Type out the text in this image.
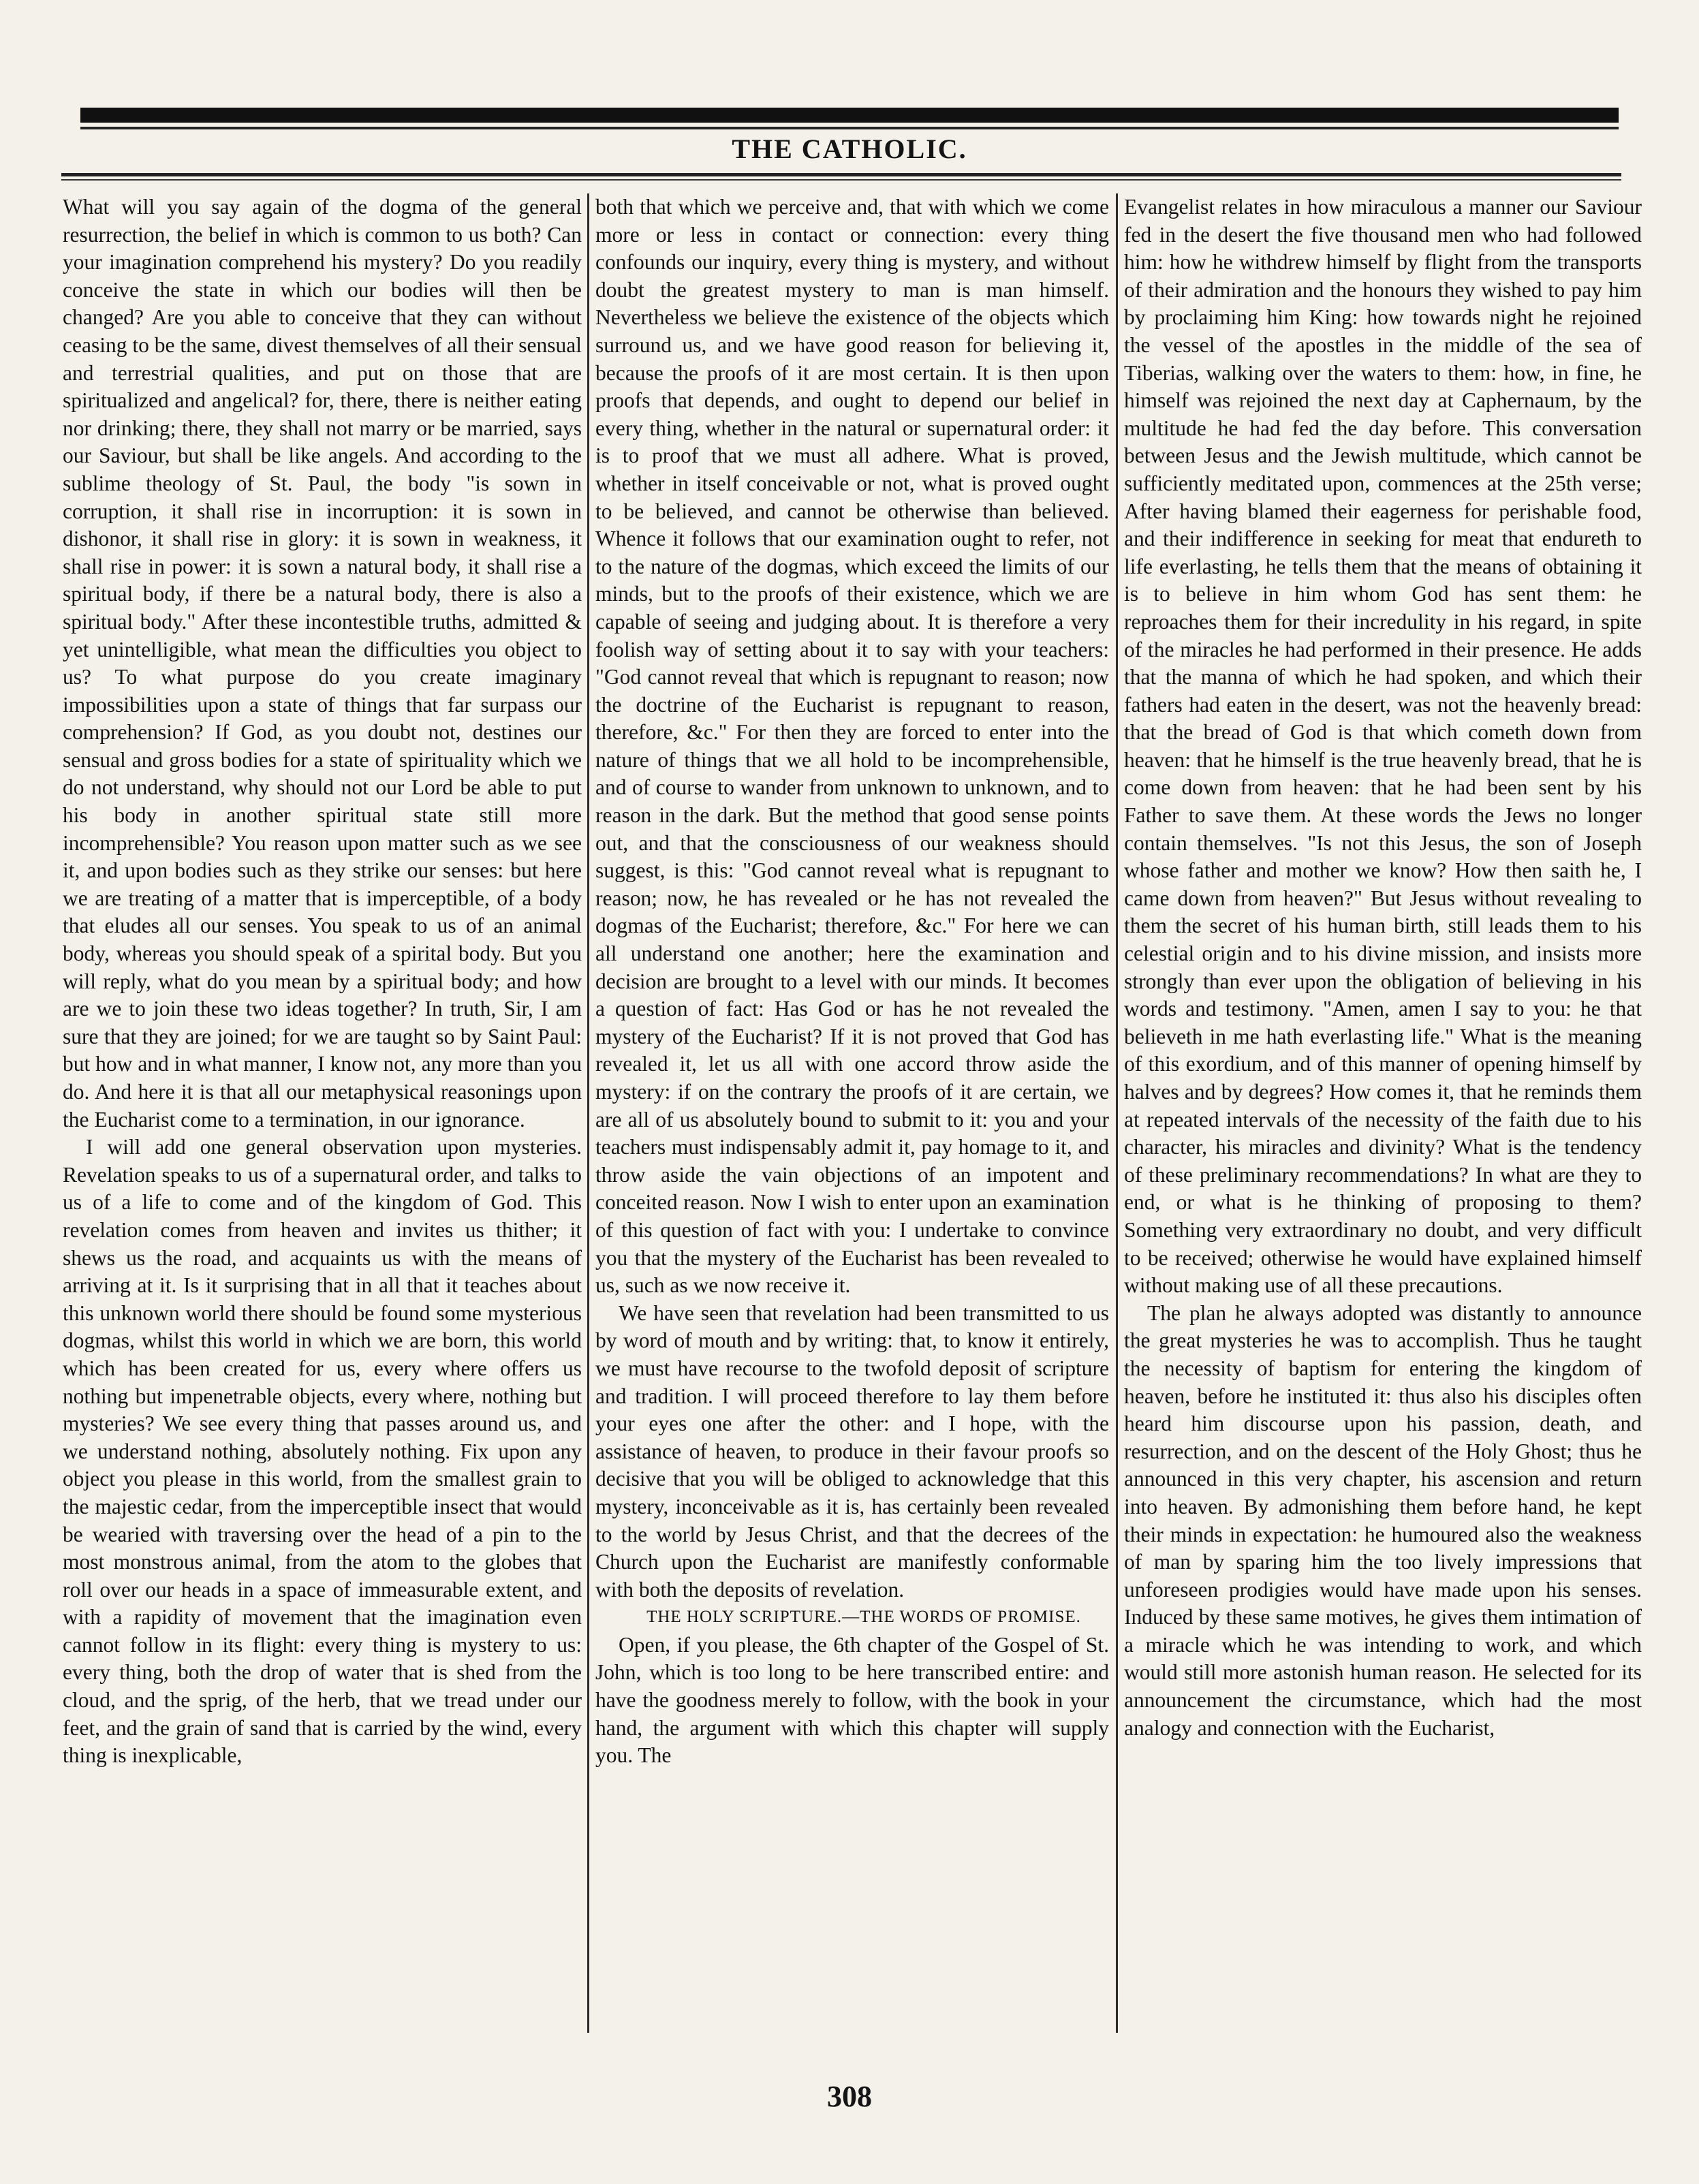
THE CATHOLIC.

What will you say again of the dogma of the general resurrection, the belief in which is common to us both? Can your imagination comprehend his mystery? Do you readily conceive the state in which our bodies will then be changed? Are you able to conceive that they can without ceasing to be the same, divest themselves of all their sensual and terrestrial qualities, and put on those that are spiritualized and angelical? for, there, there is neither eating nor drinking; there, they shall not marry or be married, says our Saviour, but shall be like angels. And according to the sublime theology of St. Paul, the body "is sown in corruption, it shall rise in incorruption: it is sown in dishonor, it shall rise in glory: it is sown in weakness, it shall rise in power: it is sown a natural body, it shall rise a spiritual body, if there be a natural body, there is also a spiritual body." After these incontestible truths, admitted & yet unintelligible, what mean the difficulties you object to us? To what purpose do you create imaginary impossibilities upon a state of things that far surpass our comprehension? If God, as you doubt not, destines our sensual and gross bodies for a state of spirituality which we do not understand, why should not our Lord be able to put his body in another spiritual state still more incomprehensible? You reason upon matter such as we see it, and upon bodies such as they strike our senses: but here we are treating of a matter that is imperceptible, of a body that eludes all our senses. You speak to us of an animal body, whereas you should speak of a spirital body. But you will reply, what do you mean by a spiritual body; and how are we to join these two ideas together? In truth, Sir, I am sure that they are joined; for we are taught so by Saint Paul: but how and in what manner, I know not, any more than you do. And here it is that all our metaphysical reasonings upon the Eucharist come to a termination, in our ignorance.

I will add one general observation upon mysteries. Revelation speaks to us of a supernatural order, and talks to us of a life to come and of the kingdom of God. This revelation comes from heaven and invites us thither; it shews us the road, and acquaints us with the means of arriving at it. Is it surprising that in all that it teaches about this unknown world there should be found some mysterious dogmas, whilst this world in which we are born, this world which has been created for us, every where offers us nothing but impenetrable objects, every where, nothing but mysteries? We see every thing that passes around us, and we understand nothing, absolutely nothing. Fix upon any object you please in this world, from the smallest grain to the majestic cedar, from the imperceptible insect that would be wearied with traversing over the head of a pin to the most monstrous animal, from the atom to the globes that roll over our heads in a space of immeasurable extent, and with a rapidity of movement that the imagination even cannot follow in its flight: every thing is mystery to us: every thing, both the drop of water that is shed from the cloud, and the sprig, of the herb, that we tread under our feet, and the grain of sand that is carried by the wind, every thing is inexplicable,

both that which we perceive and, that with which we come more or less in contact or connection: every thing confounds our inquiry, every thing is mystery, and without doubt the greatest mystery to man is man himself. Nevertheless we believe the existence of the objects which surround us, and we have good reason for believing it, because the proofs of it are most certain. It is then upon proofs that depends, and ought to depend our belief in every thing, whether in the natural or supernatural order: it is to proof that we must all adhere. What is proved, whether in itself conceivable or not, what is proved ought to be believed, and cannot be otherwise than believed. Whence it follows that our examination ought to refer, not to the nature of the dogmas, which exceed the limits of our minds, but to the proofs of their existence, which we are capable of seeing and judging about. It is therefore a very foolish way of setting about it to say with your teachers: "God cannot reveal that which is repugnant to reason; now the doctrine of the Eucharist is repugnant to reason, therefore, &c." For then they are forced to enter into the nature of things that we all hold to be incomprehensible, and of course to wander from unknown to unknown, and to reason in the dark. But the method that good sense points out, and that the consciousness of our weakness should suggest, is this: "God cannot reveal what is repugnant to reason; now, he has revealed or he has not revealed the dogmas of the Eucharist; therefore, &c." For here we can all understand one another; here the examination and decision are brought to a level with our minds. It becomes a question of fact: Has God or has he not revealed the mystery of the Eucharist? If it is not proved that God has revealed it, let us all with one accord throw aside the mystery: if on the contrary the proofs of it are certain, we are all of us absolutely bound to submit to it: you and your teachers must indispensably admit it, pay homage to it, and throw aside the vain objections of an impotent and conceited reason. Now I wish to enter upon an examination of this question of fact with you: I undertake to convince you that the mystery of the Eucharist has been revealed to us, such as we now receive it.

We have seen that revelation had been transmitted to us by word of mouth and by writing: that, to know it entirely, we must have recourse to the twofold deposit of scripture and tradition. I will proceed therefore to lay them before your eyes one after the other: and I hope, with the assistance of heaven, to produce in their favour proofs so decisive that you will be obliged to acknowledge that this mystery, inconceivable as it is, has certainly been revealed to the world by Jesus Christ, and that the decrees of the Church upon the Eucharist are manifestly conformable with both the deposits of revelation.

THE HOLY SCRIPTURE.—THE WORDS OF PROMISE.

Open, if you please, the 6th chapter of the Gospel of St. John, which is too long to be here transcribed entire: and have the goodness merely to follow, with the book in your hand, the argument with which this chapter will supply you. The

Evangelist relates in how miraculous a manner our Saviour fed in the desert the five thousand men who had followed him: how he withdrew himself by flight from the transports of their admiration and the honours they wished to pay him by proclaiming him King: how towards night he rejoined the vessel of the apostles in the middle of the sea of Tiberias, walking over the waters to them: how, in fine, he himself was rejoined the next day at Caphernaum, by the multitude he had fed the day before. This conversation between Jesus and the Jewish multitude, which cannot be sufficiently meditated upon, commences at the 25th verse; After having blamed their eagerness for perishable food, and their indifference in seeking for meat that endureth to life everlasting, he tells them that the means of obtaining it is to believe in him whom God has sent them: he reproaches them for their incredulity in his regard, in spite of the miracles he had performed in their presence. He adds that the manna of which he had spoken, and which their fathers had eaten in the desert, was not the heavenly bread: that the bread of God is that which cometh down from heaven: that he himself is the true heavenly bread, that he is come down from heaven: that he had been sent by his Father to save them. At these words the Jews no longer contain themselves. "Is not this Jesus, the son of Joseph whose father and mother we know? How then saith he, I came down from heaven?" But Jesus without revealing to them the secret of his human birth, still leads them to his celestial origin and to his divine mission, and insists more strongly than ever upon the obligation of believing in his words and testimony. "Amen, amen I say to you: he that believeth in me hath everlasting life." What is the meaning of this exordium, and of this manner of opening himself by halves and by degrees? How comes it, that he reminds them at repeated intervals of the necessity of the faith due to his character, his miracles and divinity? What is the tendency of these preliminary recommendations? In what are they to end, or what is he thinking of proposing to them? Something very extraordinary no doubt, and very difficult to be received; otherwise he would have explained himself without making use of all these precautions.

The plan he always adopted was distantly to announce the great mysteries he was to accomplish. Thus he taught the necessity of baptism for entering the kingdom of heaven, before he instituted it: thus also his disciples often heard him discourse upon his passion, death, and resurrection, and on the descent of the Holy Ghost; thus he announced in this very chapter, his ascension and return into heaven. By admonishing them before hand, he kept their minds in expectation: he humoured also the weakness of man by sparing him the too lively impressions that unforeseen prodigies would have made upon his senses. Induced by these same motives, he gives them intimation of a miracle which he was intending to work, and which would still more astonish human reason. He selected for its announcement the circumstance, which had the most analogy and connection with the Eucharist,

308
